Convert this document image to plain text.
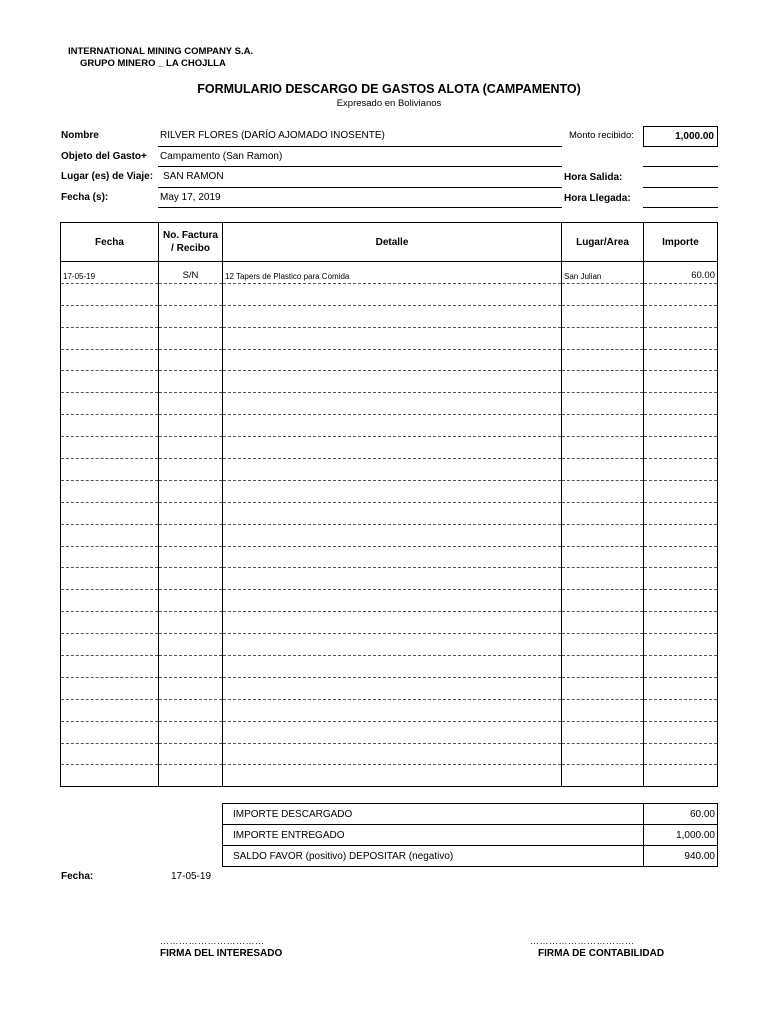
INTERNATIONAL MINING COMPANY S.A.
GRUPO MINERO _ LA CHOJLLA
FORMULARIO DESCARGO DE GASTOS ALOTA (CAMPAMENTO)
Expresado en Bolivianos
Nombre	RILVER FLORES (DARÍO AJOMADO INOSENTE)
Objeto del Gasto+ Campamento (San Ramon)
Lugar (es) de Viaje: SAN RAMON
Fecha (s):	May 17, 2019
Monto recibido:	1,000.00
Hora Salida:
Hora Llegada:
Fecha	No. Factura / Recibo	Detalle	Lugar/Area	Importe
17-05-19	S/N	12 Tapers de Plastico para Comida	San Julian	60.00

IMPORTE DESCARGADO	60.00
IMPORTE ENTREGADO	1,000.00
SALDO FAVOR (positivo) DEPOSITAR (negativo)	940.00
Fecha:	17-05-19
……………………………
FIRMA DEL INTERESADO
……………………………
FIRMA DE CONTABILIDAD
